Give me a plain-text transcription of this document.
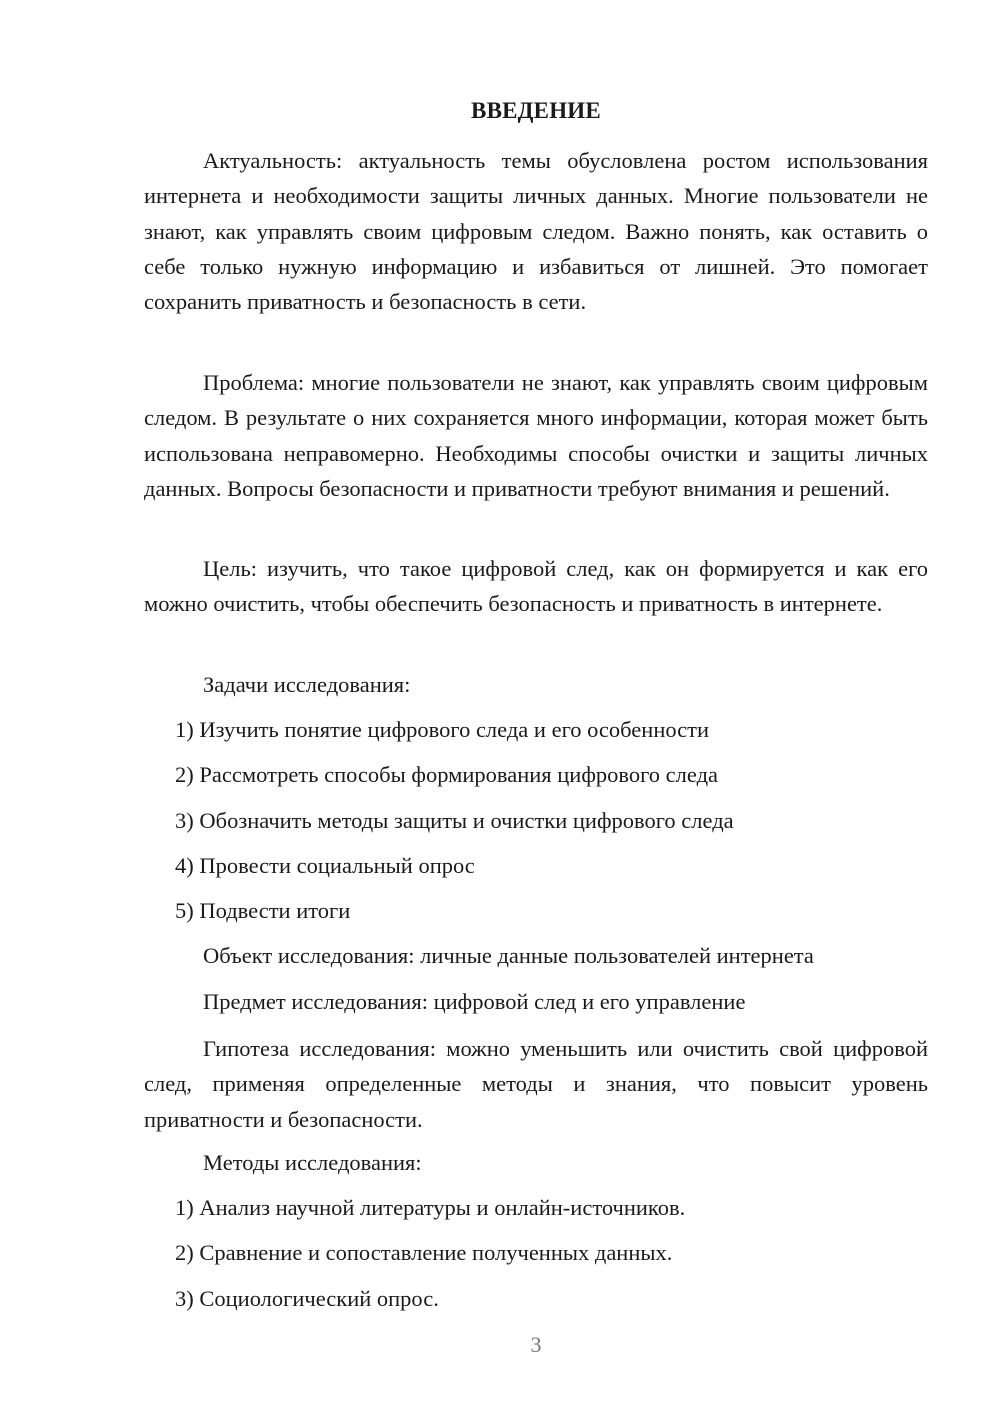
ВВЕДЕНИЕ

Актуальность: актуальность темы обусловлена ростом использования интернета и необходимости защиты личных данных. Многие пользователи не знают, как управлять своим цифровым следом. Важно понять, как оставить о себе только нужную информацию и избавиться от лишней. Это помогает сохранить приватность и безопасность в сети.

Проблема: многие пользователи не знают, как управлять своим цифровым следом. В результате о них сохраняется много информации, которая может быть использована неправомерно. Необходимы способы очистки и защиты личных данных. Вопросы безопасности и приватности требуют внимания и решений.

Цель: изучить, что такое цифровой след, как он формируется и как его можно очистить, чтобы обеспечить безопасность и приватность в интернете.

Задачи исследования:

1) Изучить понятие цифрового следа и его особенности

2) Рассмотреть способы формирования цифрового следа

3) Обозначить методы защиты и очистки цифрового следа

4) Провести социальный опрос

5) Подвести итоги

Объект исследования: личные данные пользователей интернета

Предмет исследования: цифровой след и его управление

Гипотеза исследования: можно уменьшить или очистить свой цифровой след, применяя определенные методы и знания, что повысит уровень приватности и безопасности.

Методы исследования:

1) Анализ научной литературы и онлайн-источников.

2) Сравнение и сопоставление полученных данных.

3) Социологический опрос.

3
